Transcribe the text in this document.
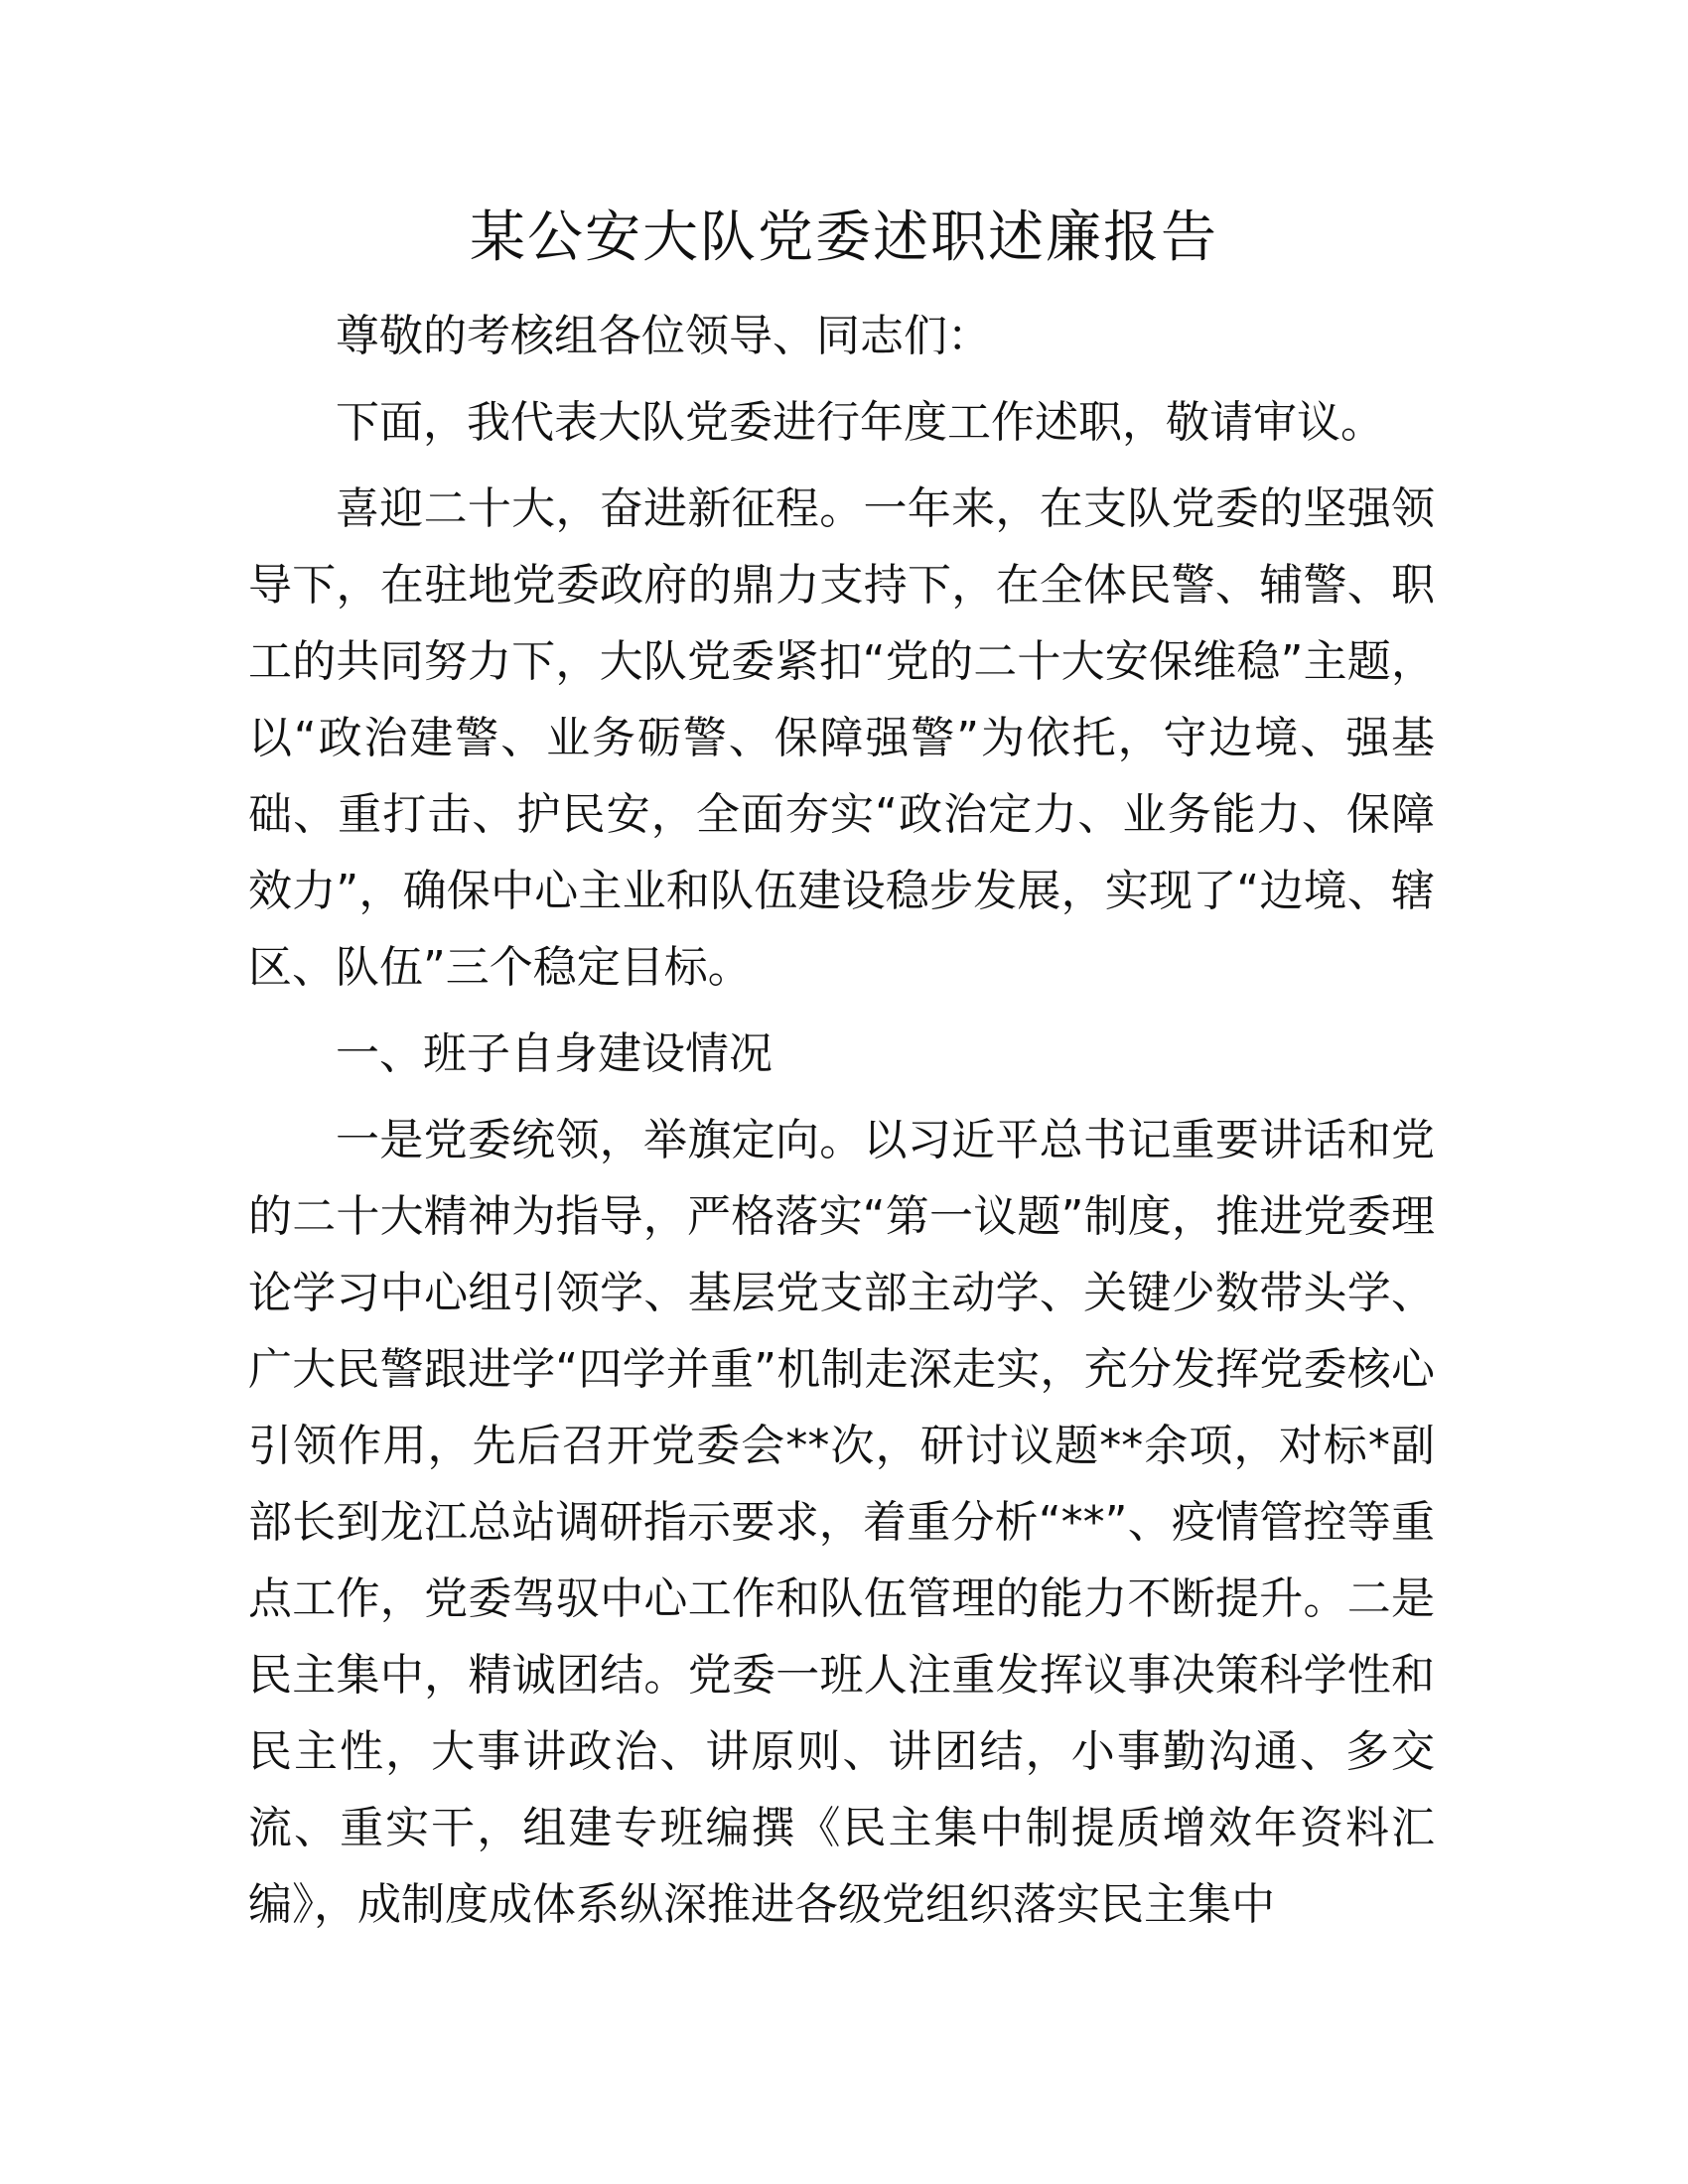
某公安大队党委述职述廉报告

尊敬的考核组各位领导、同志们：

下面，我代表大队党委进行年度工作述职，敬请审议。

喜迎二十大，奋进新征程。一年来，在支队党委的坚强领导下，在驻地党委政府的鼎力支持下，在全体民警、辅警、职工的共同努力下，大队党委紧扣“党的二十大安保维稳”主题，以“政治建警、业务砺警、保障强警”为依托，守边境、强基础、重打击、护民安，全面夯实“政治定力、业务能力、保障效力”，确保中心主业和队伍建设稳步发展，实现了“边境、辖区、队伍”三个稳定目标。

一、班子自身建设情况

一是党委统领，举旗定向。以习近平总书记重要讲话和党的二十大精神为指导，严格落实“第一议题”制度，推进党委理论学习中心组引领学、基层党支部主动学、关键少数带头学、广大民警跟进学“四学并重”机制走深走实，充分发挥党委核心引领作用，先后召开党委会**次，研讨议题**余项，对标*副部长到龙江总站调研指示要求，着重分析“**”、疫情管控等重点工作，党委驾驭中心工作和队伍管理的能力不断提升。二是民主集中，精诚团结。党委一班人注重发挥议事决策科学性和民主性，大事讲政治、讲原则、讲团结，小事勤沟通、多交流、重实干，组建专班编撰《民主集中制提质增效年资料汇编》，成制度成体系纵深推进各级党组织落实民主集中
